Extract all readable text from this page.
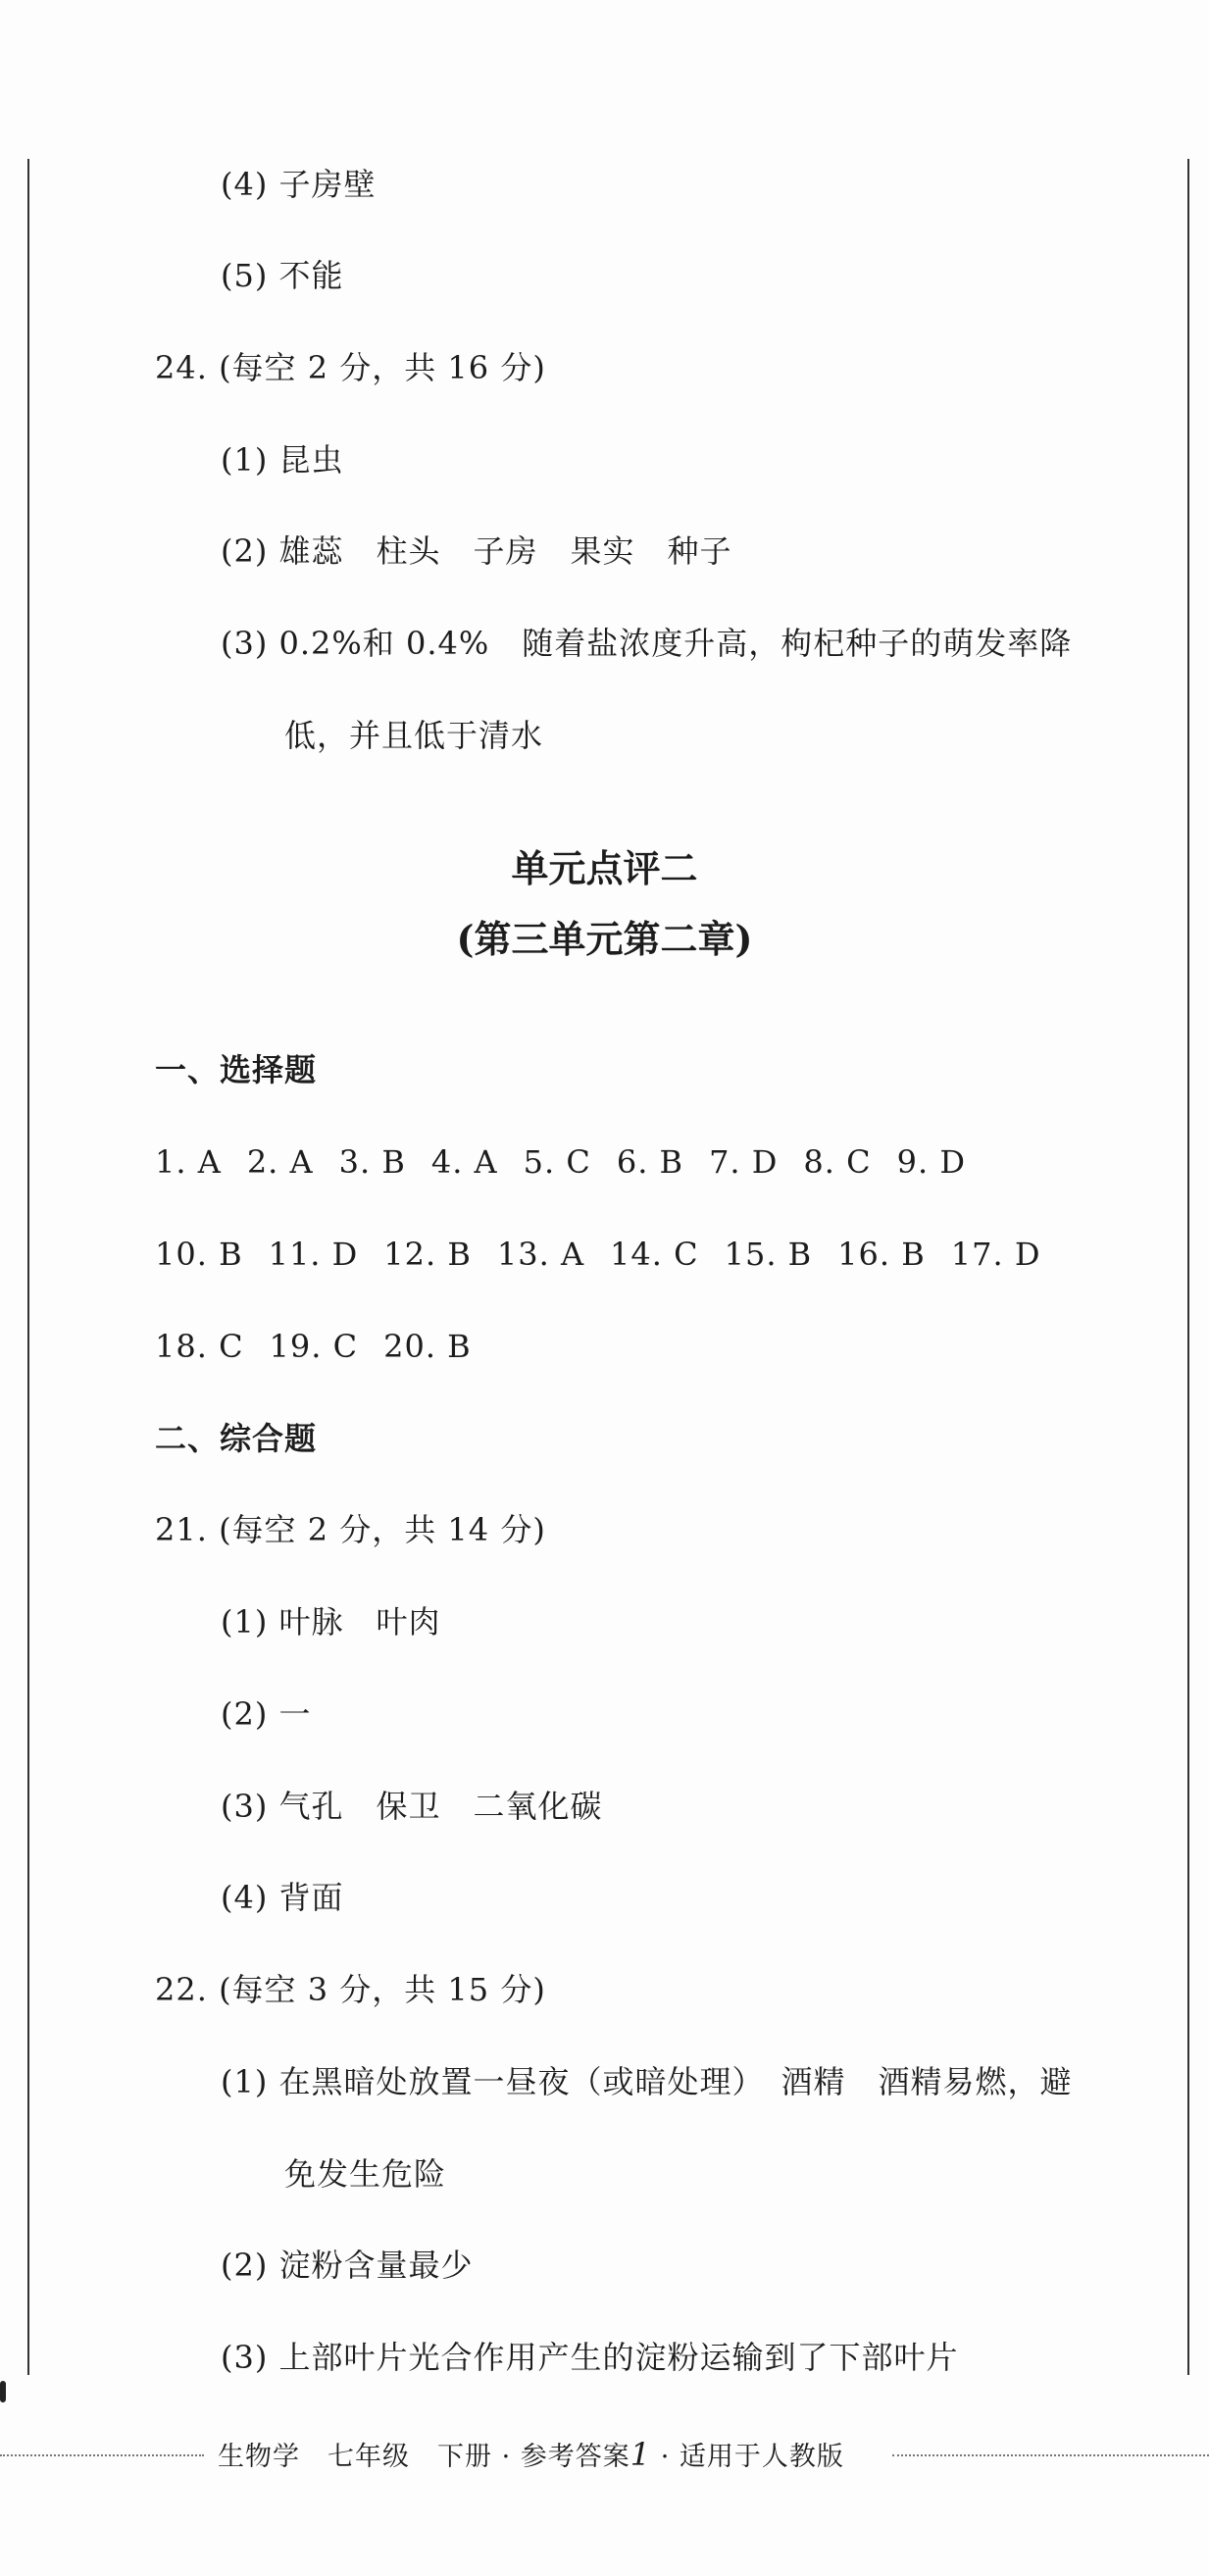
(4) 子房壁
(5) 不能
24. (每空 2 分，共 16 分)
(1) 昆虫
(2) 雄蕊　柱头　子房　果实　种子
(3) 0.2%和 0.4%　随着盐浓度升高，枸杞种子的萌发率降
低，并且低于清水
单元点评二
(第三单元第二章)
一、选择题
1. A 2. A 3. B 4. A 5. C 6. B 7. D 8. C 9. D
10. B 11. D 12. B 13. A 14. C 15. B 16. B 17. D
18. C 19. C 20. B
二、综合题
21. (每空 2 分，共 14 分)
(1) 叶脉　叶肉
(2) 一
(3) 气孔　保卫　二氧化碳
(4) 背面
22. (每空 3 分，共 15 分)
(1) 在黑暗处放置一昼夜（或暗处理）　酒精　酒精易燃，避
免发生危险
(2) 淀粉含量最少
(3) 上部叶片光合作用产生的淀粉运输到了下部叶片
生物学　七年级　下册 · 参考答案1 · 适用于人教版
